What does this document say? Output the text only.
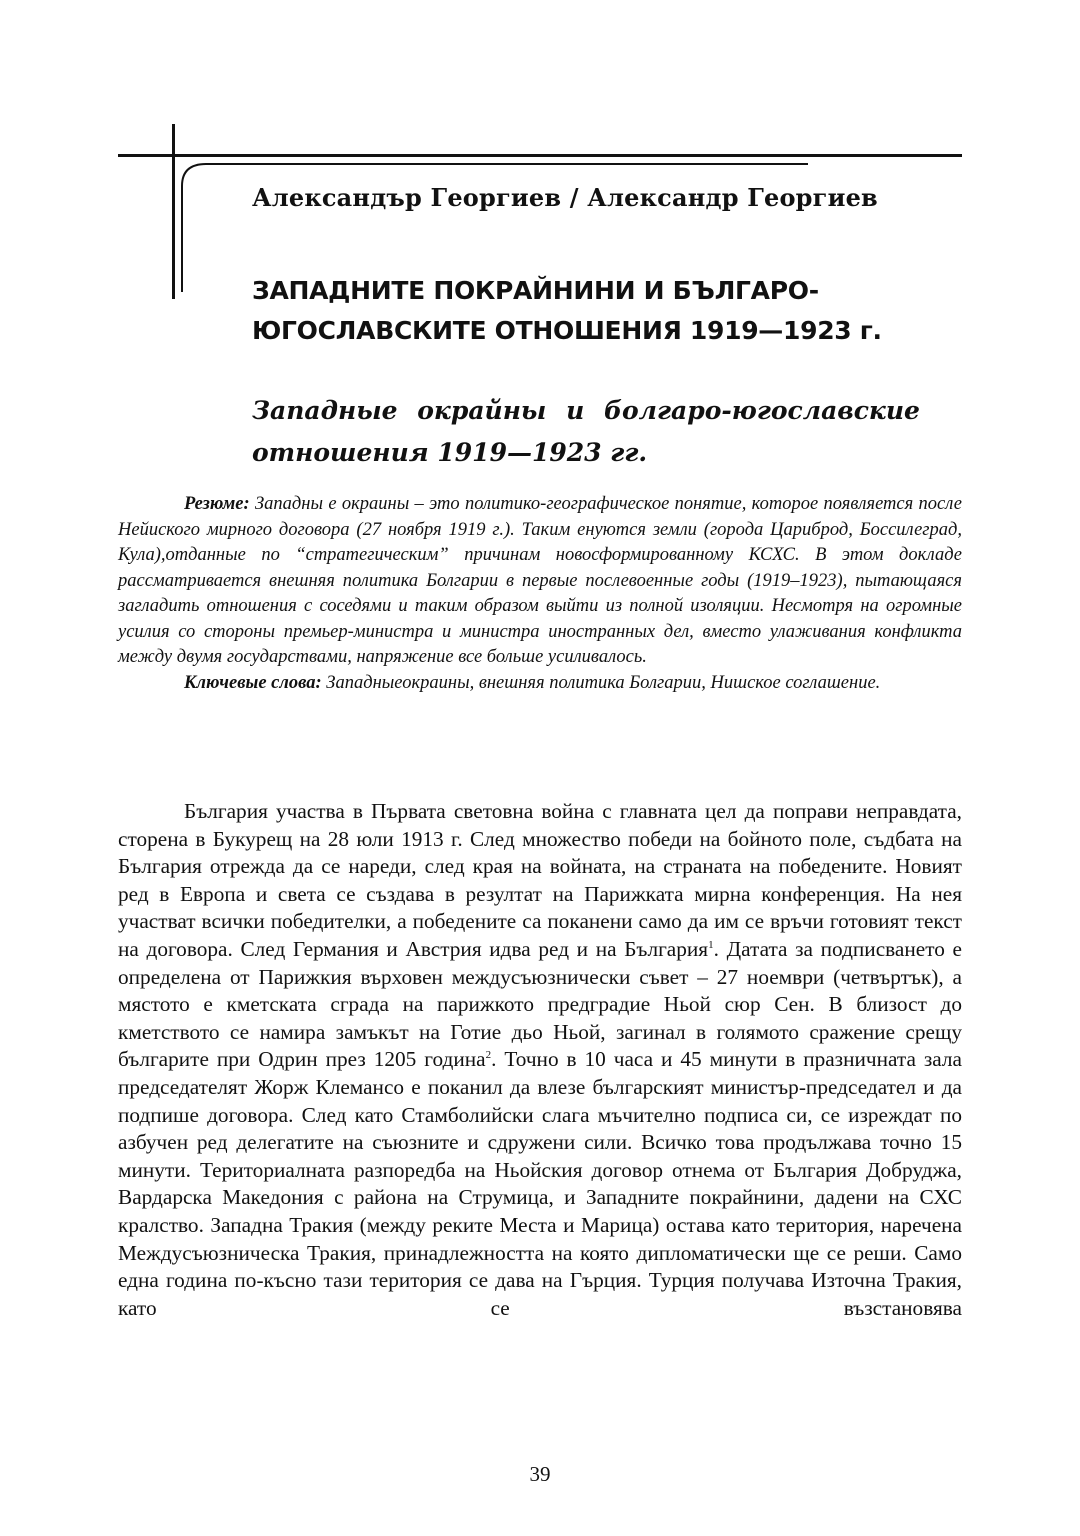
Александър Георгиев / Александр Георгиев
ЗАПАДНИТЕ ПОКРАЙНИНИ И БЪЛГАРО-
ЮГОСЛАВСКИТЕ ОТНОШЕНИЯ 1919—1923 г.
Западные окрайны и болгаро-югославские
отношения 1919—1923 гг.

Резюме: Западны е окраины – это политико-географическое понятие, которое появляется после Нейиского мирного договора (27 ноября 1919 г.). Таким енуются земли (города Цариброд, Боссилеград, Кула),отданные по “стратегическим” причинам новосформированному КСХС. В этом докладе рассматривается внешняя политика Болгарии в первые послевоенные годы (1919–1923), пытающаяся загладить отношения с соседями и таким образом выйти из полной изоляции. Несмотря на огромные усилия со стороны премьер-министра и министра иностранных дел, вместо улаживания конфликта между двумя государствами, напряжение все больше усиливалось.

Ключевые слова: Западныеокраины, внешняя политика Болгарии, Нишское соглашение.

България участва в Първата световна война с главната цел да поправи неправдата, сторена в Букурещ на 28 юли 1913 г. След множество победи на бойното поле, съдбата на България отрежда да се нареди, след края на войната, на страната на победените. Новият ред в Европа и света се създава в резултат на Парижката мирна конференция. На нея участват всички победителки, а победените са поканени само да им се връчи готовият текст на договора. След Германия и Австрия идва ред и на България$^1$. Датата за подписването е определена от Парижкия върховен междусъюзнически съвет – 27 ноември (четвъртък), а мястото е кметската сграда на парижкото предградие Ньой сюр Сен. В близост до кметството се намира замъкът на Готие дьо Ньой, загинал в голямото сражение срещу българите при Одрин през 1205 година$^2$. Точно в 10 часа и 45 минути в празничната зала председателят Жорж Клемансо е поканил да влезе българският министър-председател и да подпише договора. След като Стамболийски слага мъчително подписа си, се изреждат по азбучен ред делегатите на съюзните и сдружени сили. Всичко това продължава точно 15 минути. Териториалната разпоредба на Ньойския договор отнема от България Добруджа, Вардарска Македония с района на Струмица, и Западните покрайнини, дадени на СХС кралство. Западна Тракия (между реките Места и Марица) остава като територия, наречена Междусъюзническа Тракия, принадлежността на която дипломатически ще се реши. Само една година по-късно тази територия се дава на Гърция. Турция получава Източна Тракия, като се възстановява

39
